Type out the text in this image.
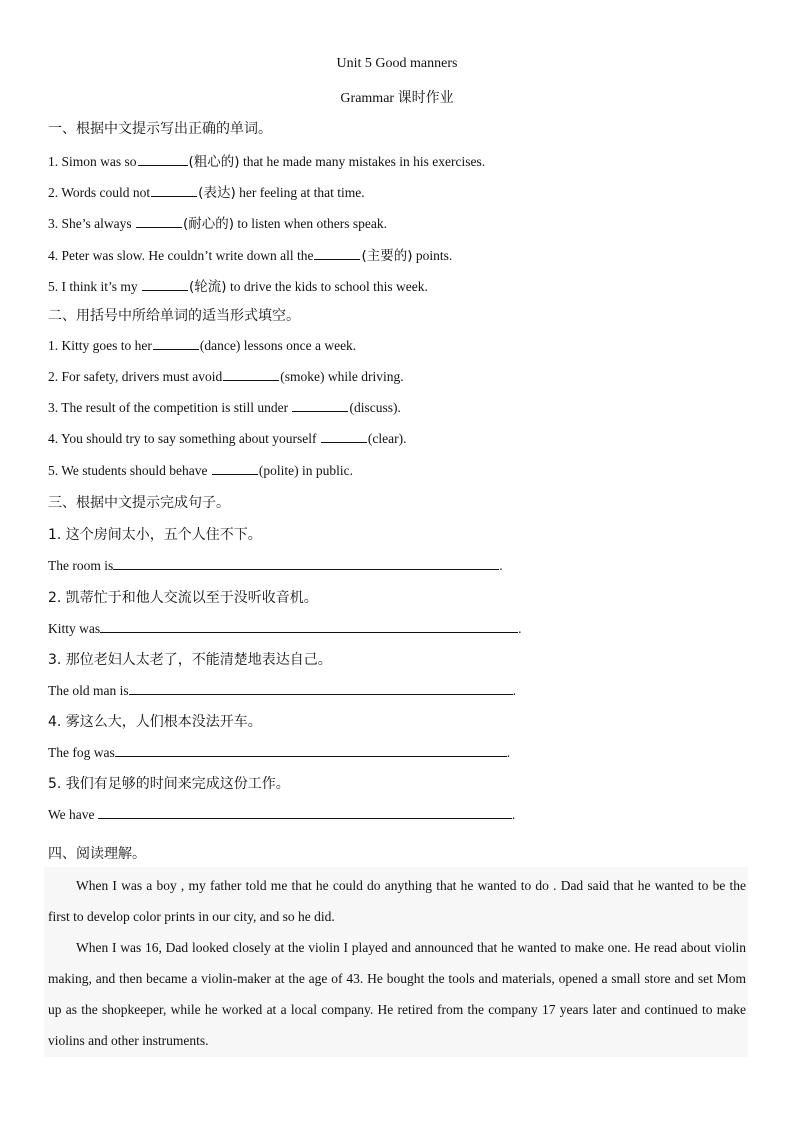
Unit 5 Good manners
Grammar 课时作业
一、根据中文提示写出正确的单词。
1. Simon was so	(粗心的) that he made many mistakes in his exercises.
2. Words could not	(表达) her feeling at that time.
3. She’s always	(耐心的) to listen when others speak.
4. Peter was slow. He couldn’t write down all the	(主要的) points.
5. I think it’s my	(轮流) to drive the kids to school this week.
二、用括号中所给单词的适当形式填空。
1. Kitty goes to her	(dance) lessons once a week.
2. For safety, drivers must avoid	(smoke) while driving.
3. The result of the competition is still under	(discuss).
4. You should try to say something about yourself	(clear).
5. We students should behave	(polite) in public.
三、根据中文提示完成句子。
1. 这个房间太小，五个人住不下。
The room is	.
2. 凯蒂忙于和他人交流以至于没听收音机。
Kitty was	.
3. 那位老妇人太老了，不能清楚地表达自己。
The old man is	.
4. 雾这么大，人们根本没法开车。
The fog was	.
5. 我们有足够的时间来完成这份工作。
We have	.
四、阅读理解。
When I was a boy , my father told me that he could do anything that he wanted to do . Dad said that he wanted to be the first to develop color prints in our city, and so he did.
When I was 16, Dad looked closely at the violin I played and announced that he wanted to make one. He read about violin making, and then became a violin-maker at the age of 43. He bought the tools and materials, opened a small store and set Mom up as the shopkeeper, while he worked at a local company. He retired from the company 17 years later and continued to make violins and other instruments.
